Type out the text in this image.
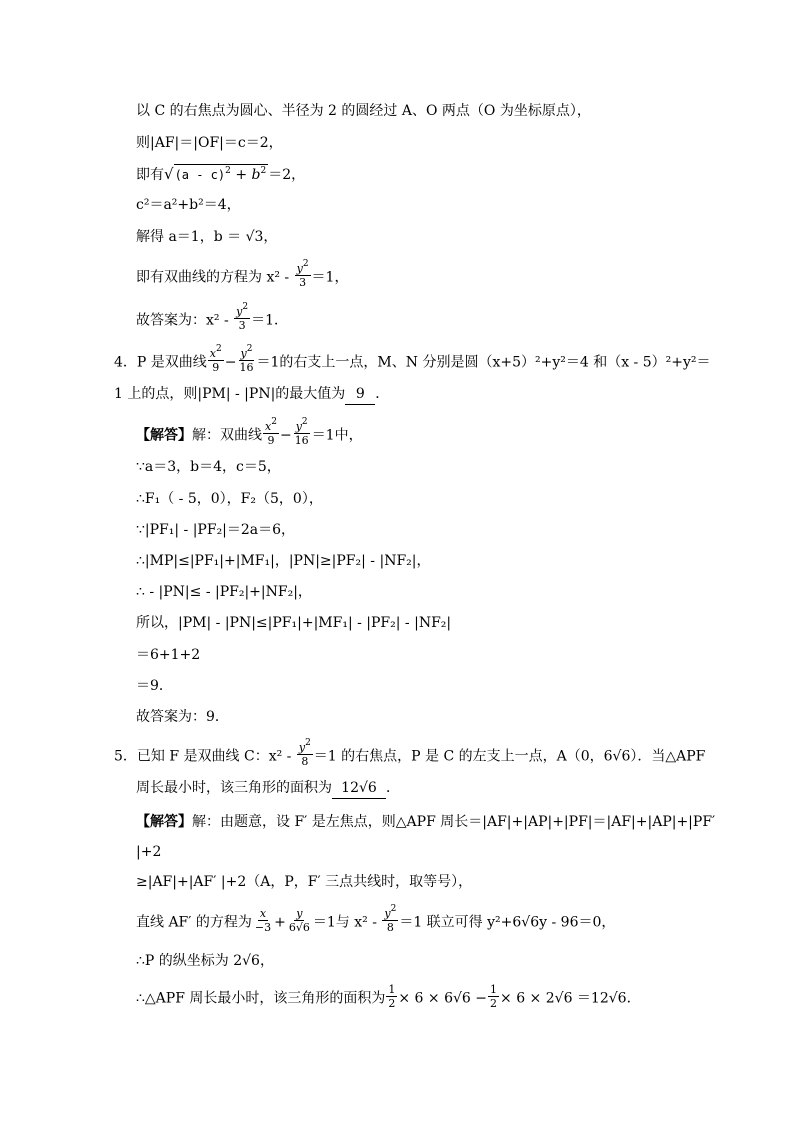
以 C 的右焦点为圆心、半径为 2 的圆经过 A、O 两点（O 为坐标原点），
则|AF|＝|OF|＝c＝2，
即有$√(a - c)^2 + b^2 =2$，
c²＝a²+b²＝4，
解得 a＝1，b ＝ √3，
即有双曲线的方程为 $x^2 - \frac{y^2}{3} =1$，
故答案为：$x^2 - \frac{y^2}{3} =1$．
4．P 是双曲线 $\frac{x^2}{9} - \frac{y^2}{16} =1$的右支上一点，M、N 分别是圆（x+5）²+y²＝4 和（x - 5）²+y²＝
1 上的点，则|PM| - |PN|的最大值为 9 ．
【解答】解：双曲线 $\frac{x^2}{9} - \frac{y^2}{16} =1$中，
∵a＝3，b＝4，c＝5，
∴F₁（ - 5，0），F₂（5，0），
∵|PF₁| - |PF₂|＝2a＝6，
∴|MP|≤|PF₁|+|MF₁|，|PN|≥|PF₂| - |NF₂|，
∴ - |PN|≤ - |PF₂|+|NF₂|，
所以，|PM| - |PN|≤|PF₁|+|MF₁| - |PF₂| - |NF₂|
＝6+1+2
＝9．
故答案为：9．
5．已知 F 是双曲线 C：$x^2 - \frac{y^2}{8} =1$ 的右焦点，P 是 C 的左支上一点，A（0，6√6）．当△APF
周长最小时，该三角形的面积为 12√6 ．
【解答】解：由题意，设 F′ 是左焦点，则△APF 周长＝|AF|+|AP|+|PF|＝|AF|+|AP|+|PF′
|+2
≥|AF|+|AF′ |+2（A，P，F′ 三点共线时，取等号），
直线 AF′ 的方程为 $\frac{x}{-3} + \frac{y}{6√6} =1$与 $x^2 - \frac{y^2}{8} =1$ 联立可得 y²+6√6y - 96＝0，
∴P 的纵坐标为 2√6，
∴△APF 周长最小时，该三角形的面积为 $\frac{1}{2} \times 6 \times 6√6 - \frac{1}{2} \times 6 \times 2√6 =12√6$．
